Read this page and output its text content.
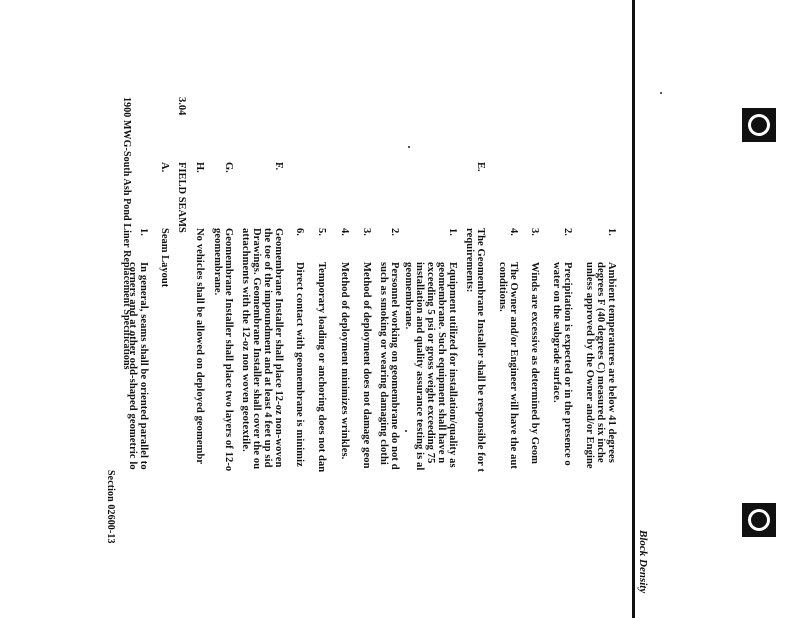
Block Density
1.
Ambient temperatures are below 41 degrees
degrees F (40 degrees C) measured six inche
unless approved by the Owner and/or Engine
2.
Precipitation is expected or in the presence o
water on the subgrade surface.
3.
Winds are excessive as determined by Geom
4.
The Owner and/or Engineer will have the aut
conditions.
E.
The Geomembrane Installer shall be responsible for t
requirements:
1.
Equipment utilized for installation/quality as
geomembrane. Such equipment shall have n
exceeding 5 psi or gross weight exceeding 75
installation and quality assurance testing is al
geomembrane.
2.
Personnel working on geomembrane do not d
such as smoking or wearing damaging clothi
3.
Method of deployment does not damage geon
4.
Method of deployment minimizes wrinkles.
5.
Temporary loading or anchoring does not dan
6.
Direct contact with geomembrane is minimiz
F.
Geomembrane Installer shall place 12-oz non-woven
the toe of the impoundment and at least 4 feet up sid
Drawings. Geomembrane Installer shall cover the ou
attachments with the 12-oz non woven geotextile.
G.
Geomembrane Installer shall place two layers of 12-o
geomembrane.
H.
No vehicles shall be allowed on deployed geomembr
3.04
FIELD SEAMS
A.
Seam Layout
1.
In general, seams shall be oriented parallel to
corners and at other odd-shaped geometric lo
1900 MWG-South Ash Pond Liner Replacement Specifications
Section 02600-13
